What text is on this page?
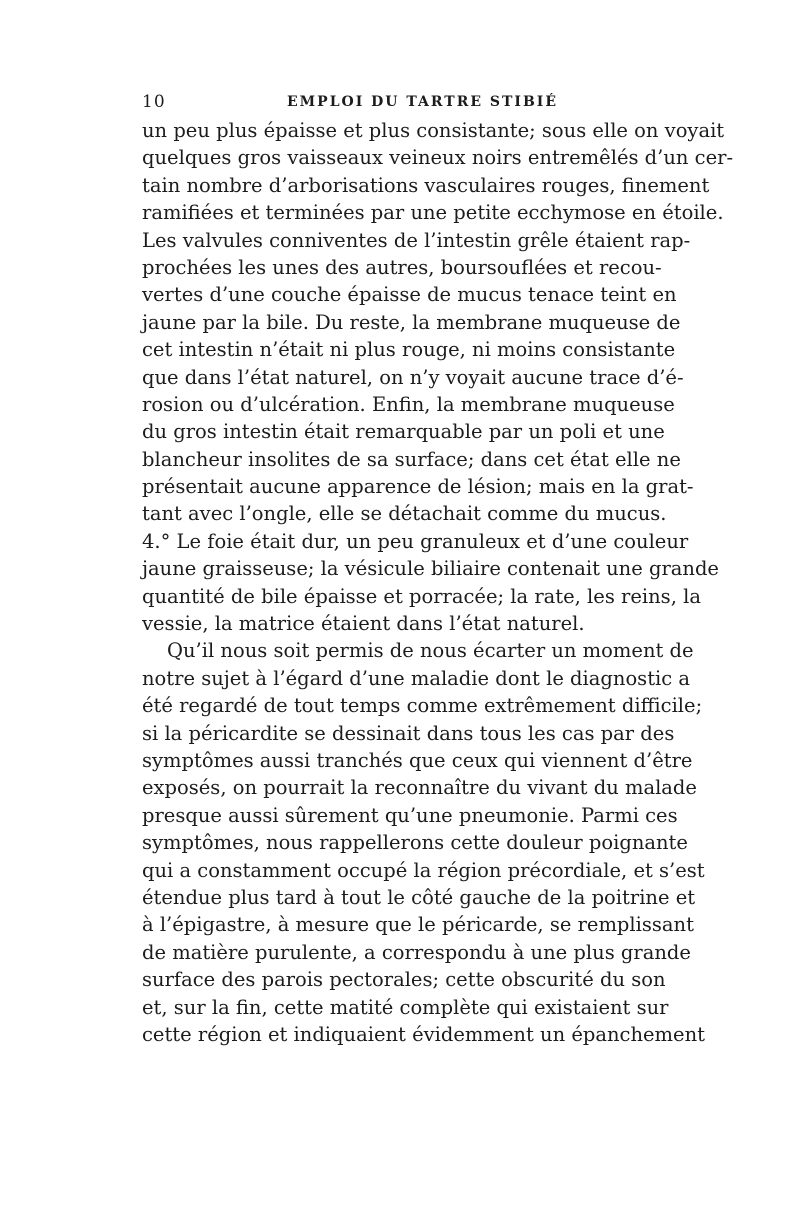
10	EMPLOI DU TARTRE STIBIÉ
un peu plus épaisse et plus consistante; sous elle on voyait
quelques gros vaisseaux veineux noirs entremêlés d’un cer-
tain nombre d’arborisations vasculaires rouges, finement
ramifiées et terminées par une petite ecchymose en étoile.
Les valvules conniventes de l’intestin grêle étaient rap-
prochées les unes des autres, boursouflées et recou-
vertes d’une couche épaisse de mucus tenace teint en
jaune par la bile. Du reste, la membrane muqueuse de
cet intestin n’était ni plus rouge, ni moins consistante
que dans l’état naturel, on n’y voyait aucune trace d’é-
rosion ou d’ulcération. Enfin, la membrane muqueuse
du gros intestin était remarquable par un poli et une
blancheur insolites de sa surface; dans cet état elle ne
présentait aucune apparence de lésion; mais en la grat-
tant avec l’ongle, elle se détachait comme du mucus.
4.° Le foie était dur, un peu granuleux et d’une couleur
jaune graisseuse; la vésicule biliaire contenait une grande
quantité de bile épaisse et porracée; la rate, les reins, la
vessie, la matrice étaient dans l’état naturel.
Qu’il nous soit permis de nous écarter un moment de
notre sujet à l’égard d’une maladie dont le diagnostic a
été regardé de tout temps comme extrêmement difficile;
si la péricardite se dessinait dans tous les cas par des
symptômes aussi tranchés que ceux qui viennent d’être
exposés, on pourrait la reconnaître du vivant du malade
presque aussi sûrement qu’une pneumonie. Parmi ces
symptômes, nous rappellerons cette douleur poignante
qui a constamment occupé la région précordiale, et s’est
étendue plus tard à tout le côté gauche de la poitrine et
à l’épigastre, à mesure que le péricarde, se remplissant
de matière purulente, a correspondu à une plus grande
surface des parois pectorales; cette obscurité du son
et, sur la fin, cette matité complète qui existaient sur
cette région et indiquaient évidemment un épanchement
